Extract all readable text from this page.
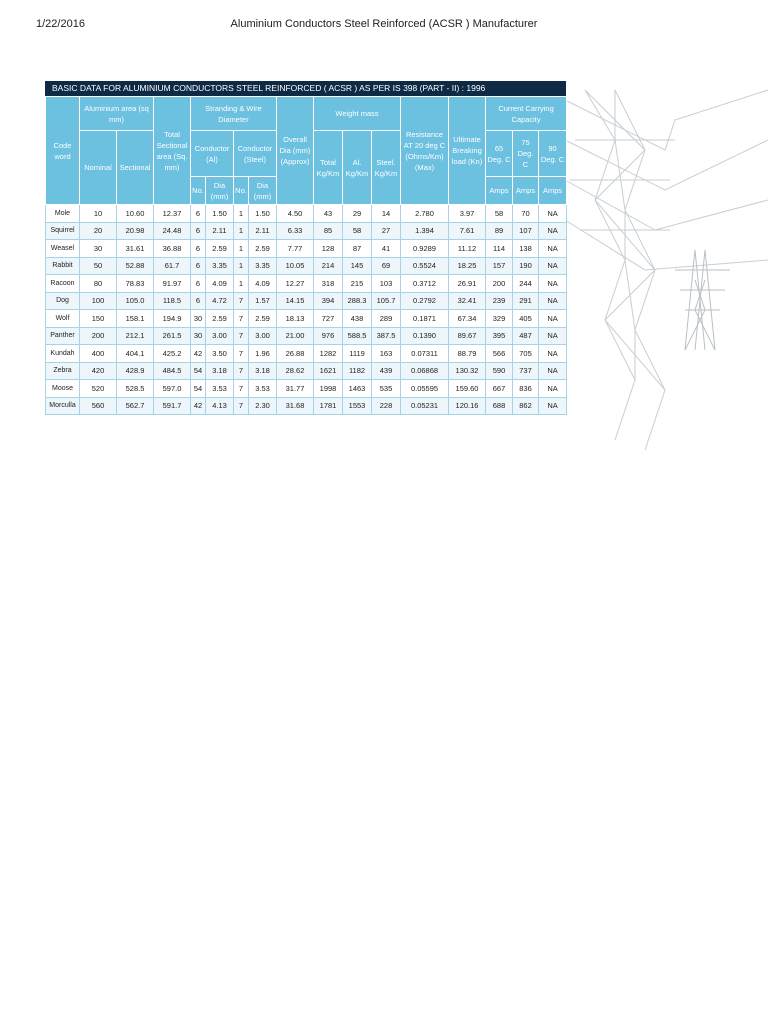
1/22/2016	Aluminium Conductors Steel Reinforced (ACSR ) Manufacturer
BASIC DATA FOR ALUMINIUM CONDUCTORS STEEL REINFORCED ( ACSR ) AS PER IS 398 (PART - II) : 1996
Code word	Aluminium area (sq mm)		Total Sectional area (Sq. mm)	Stranding & Wire Diameter				Overall Dia (mm) (Approx)	Weight mass			Resistance AT 20 deg C (Ohms/Km) (Max)	Ultimate Breaking load (Kn)	Current Carrying Capacity		
	Nominal	Sectional		Conductor (Al)		Conductor (Steel)			Total Kg/Km	Al. Kg/Km	Steel. Kg/Km			65 Deg. C	75 Deg. C	90 Deg. C

				No.	Dia (mm)	No.	Dia (mm)							Amps	Amps	Amps
Mole	10	10.60	12.37	6	1.50	1	1.50	4.50	43	29	14	2.780	3.97	58	70	NA
Squirrel	20	20.98	24.48	6	2.11	1	2.11	6.33	85	58	27	1.394	7.61	89	107	NA
Weasel	30	31.61	36.88	6	2.59	1	2.59	7.77	128	87	41	0.9289	11.12	114	138	NA
Rabbit	50	52.88	61.7	6	3.35	1	3.35	10.05	214	145	69	0.5524	18.25	157	190	NA
Racoon	80	78.83	91.97	6	4.09	1	4.09	12.27	318	215	103	0.3712	26.91	200	244	NA
Dog	100	105.0	118.5	6	4.72	7	1.57	14.15	394	288.3	105.7	0.2792	32.41	239	291	NA
Wolf	150	158.1	194.9	30	2.59	7	2.59	18.13	727	438	289	0.1871	67.34	329	405	NA
Panther	200	212.1	261.5	30	3.00	7	3.00	21.00	976	588.5	387.5	0.1390	89.67	395	487	NA
Kundah	400	404.1	425.2	42	3.50	7	1.96	26.88	1282	1119	163	0.07311	88.79	566	705	NA
Zebra	420	428.9	484.5	54	3.18	7	3.18	28.62	1621	1182	439	0.06868	130.32	590	737	NA
Moose	520	528.5	597.0	54	3.53	7	3.53	31.77	1998	1463	535	0.05595	159.60	667	836	NA
Morculla	560	562.7	591.7	42	4.13	7	2.30	31.68	1781	1553	228	0.05231	120.16	688	862	NA
